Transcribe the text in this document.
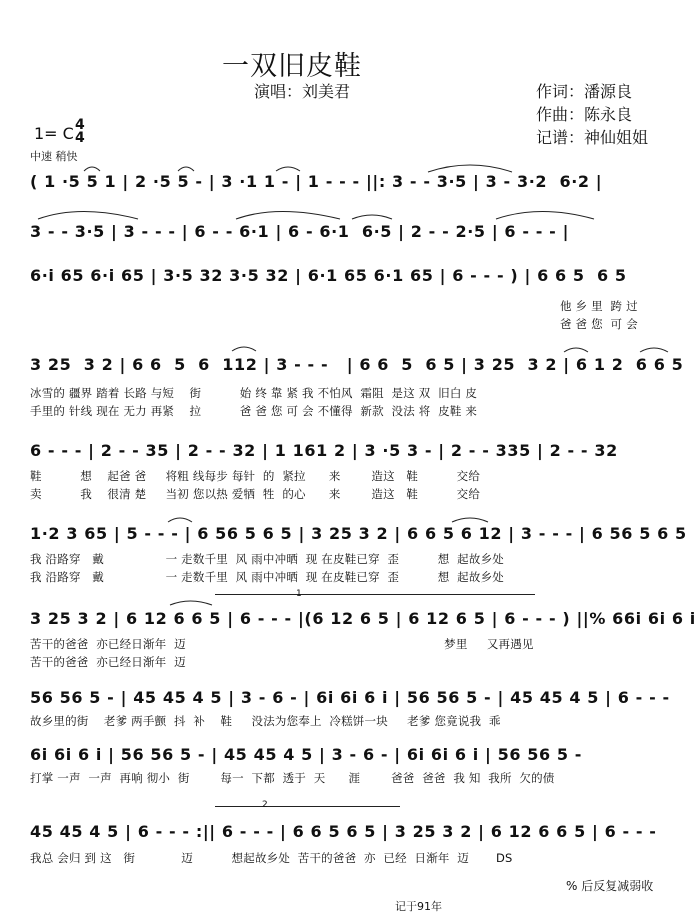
一双旧皮鞋
演唱：刘美君	作词：潘源良
作曲：陈永良
记谱：神仙姐姐
1= C 4
4
中速 稍快
( 1 ·5 5 1 | 2 ·5 5 - | 3 ·1 1 - | 1 - - - ||: 3 - - 3·5 | 3 - 3·2  6·2 |
3 - - 3·5 | 3 - - - | 6 - - 6·1 | 6 - 6·1  6·5 | 2 - - 2·5 | 6 - - - |
6·i 65 6·i 65 | 3·5 32 3·5 32 | 6·1 65 6·1 65 | 6 - - - ) | 6 6 5  6 5
他 乡 里  跨 过
爸 爸 您  可 会
3 25  3 2 | 6 6  5  6  112 | 3 - - -   | 6 6  5  6 5 | 3 25  3 2 | 6 1 2  6 6 5
冰雪的 疆界 踏着 长路 与短    街          始 终 靠 紧 我 不怕风  霜阻  是这 双  旧白 皮
手里的 针线 现在 无力 再紧    拉          爸 爸 您 可 会 不懂得  新款  没法 将  皮鞋 来
6 - - - | 2 - - 35 | 2 - - 32 | 1 161 2 | 3 ·5 3 - | 2 - - 335 | 2 - - 32
鞋          想    起爸 爸     将粗 线每步 每针  的  紧拉      来        造这   鞋          交给
卖          我    很清 楚     当初 您以热 爱牺  牲  的心      来        造这   鞋          交给
1·2 3 65 | 5 - - - | 6 56 5 6 5 | 3 25 3 2 | 6 6 5 6 12 | 3 - - - | 6 56 5 6 5
我 沿路穿   戴                一 走数千里  风 雨中冲晒  现 在皮鞋已穿  歪          想  起故乡处
我 沿路穿   戴                一 走数千里  风 雨中冲晒  现 在皮鞋已穿  歪          想  起故乡处
1
3 25 3 2 | 6 12 6 6 5 | 6 - - - |(6 12 6 5 | 6 12 6 5 | 6 - - - ) ||% 66i 6i 6 i
苦干的爸爸  亦已经日渐年  迈                                                                   梦里     又再遇见
苦干的爸爸  亦已经日渐年  迈
56 56 5 - | 45 45 4 5 | 3 - 6 - | 6i 6i 6 i | 56 56 5 - | 45 45 4 5 | 6 - - -
故乡里的街    老爹 两手颤  抖  补    鞋     没法为您奉上  冷糕饼一块     老爹 您竟说我  乖
6i 6i 6 i | 56 56 5 - | 45 45 4 5 | 3 - 6 - | 6i 6i 6 i | 56 56 5 -
打掌 一声  一声  再响 彻小  街        每一  下都  透于  天      涯        爸爸  爸爸  我 知  我所  欠的债
2
45 45 4 5 | 6 - - - :|| 6 - - - | 6 6 5 6 5 | 3 25 3 2 | 6 12 6 6 5 | 6 - - -
我总 会归 到 这   街            迈          想起故乡处  苦干的爸爸  亦  已经  日渐年  迈       DS
% 后反复减弱收
记于91年
